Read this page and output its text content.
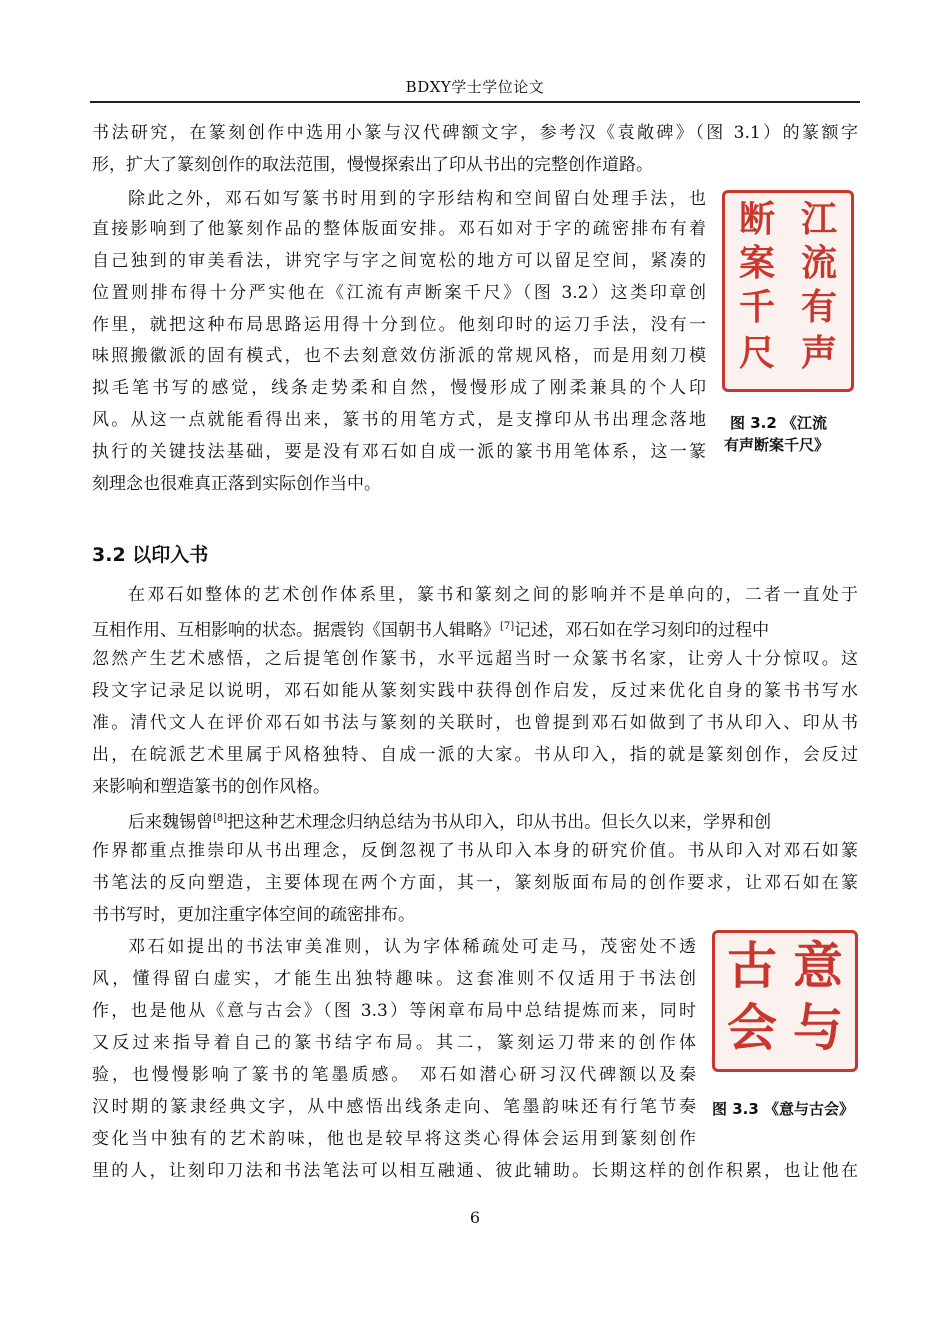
BDXY学士学位论文

书法研究，在篆刻创作中选用小篆与汉代碑额文字，参考汉《袁敞碑》（图 3.1）的篆额字

形，扩大了篆刻创作的取法范围，慢慢探索出了印从书出的完整创作道路。

除此之外，邓石如写篆书时用到的字形结构和空间留白处理手法，也

直接影响到了他篆刻作品的整体版面安排。邓石如对于字的疏密排布有着

自己独到的审美看法，讲究字与字之间宽松的地方可以留足空间，紧凑的

位置则排布得十分严实他在《江流有声断案千尺》（图 3.2）这类印章创

作里，就把这种布局思路运用得十分到位。他刻印时的运刀手法，没有一

味照搬徽派的固有模式，也不去刻意效仿浙派的常规风格，而是用刻刀模

拟毛笔书写的感觉，线条走势柔和自然，慢慢形成了刚柔兼具的个人印

风。从这一点就能看得出来，篆书的用笔方式，是支撑印从书出理念落地

执行的关键技法基础，要是没有邓石如自成一派的篆书用笔体系，这一篆

刻理念也很难真正落到实际创作当中。

江
流
有
声
断
案
千
尺

图 3.2 《江流

有声断案千尺》

3.2 以印入书

在邓石如整体的艺术创作体系里，篆书和篆刻之间的影响并不是单向的，二者一直处于

互相作用、互相影响的状态。据震钧《国朝书人辑略》[7]记述，邓石如在学习刻印的过程中

忽然产生艺术感悟，之后提笔创作篆书，水平远超当时一众篆书名家，让旁人十分惊叹。这

段文字记录足以说明，邓石如能从篆刻实践中获得创作启发，反过来优化自身的篆书书写水

准。清代文人在评价邓石如书法与篆刻的关联时，也曾提到邓石如做到了书从印入、印从书

出，在皖派艺术里属于风格独特、自成一派的大家。书从印入，指的就是篆刻创作，会反过

来影响和塑造篆书的创作风格。

后来魏锡曾[8]把这种艺术理念归纳总结为书从印入，印从书出。但长久以来，学界和创

作界都重点推崇印从书出理念，反倒忽视了书从印入本身的研究价值。书从印入对邓石如篆

书笔法的反向塑造，主要体现在两个方面，其一，篆刻版面布局的创作要求，让邓石如在篆

书书写时，更加注重字体空间的疏密排布。

邓石如提出的书法审美准则，认为字体稀疏处可走马，茂密处不透

风，懂得留白虚实，才能生出独特趣味。这套准则不仅适用于书法创

作，也是他从《意与古会》（图 3.3）等闲章布局中总结提炼而来，同时

又反过来指导着自己的篆书结字布局。其二，篆刻运刀带来的创作体

验，也慢慢影响了篆书的笔墨质感。 邓石如潜心研习汉代碑额以及秦

汉时期的篆隶经典文字，从中感悟出线条走向、笔墨韵味还有行笔节奏

变化当中独有的艺术韵味，他也是较早将这类心得体会运用到篆刻创作

里的人，让刻印刀法和书法笔法可以相互融通、彼此辅助。长期这样的创作积累，也让他在

意
与
古
会

图 3.3 《意与古会》

6
